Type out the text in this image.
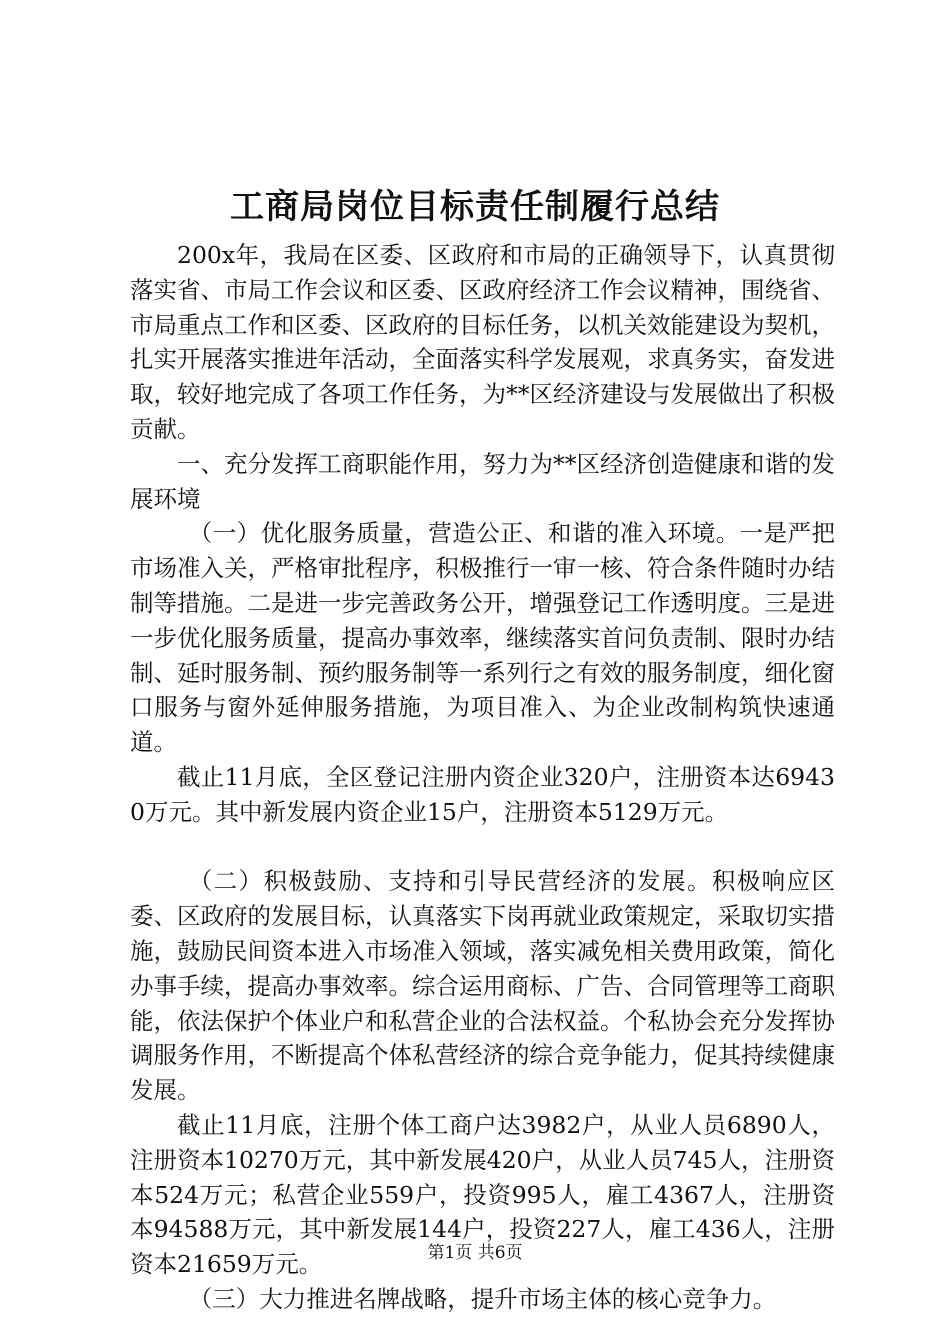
工商局岗位目标责任制履行总结

200x年，我局在区委、区政府和市局的正确领导下，认真贯彻落实省、市局工作会议和区委、区政府经济工作会议精神，围绕省、市局重点工作和区委、区政府的目标任务，以机关效能建设为契机，扎实开展落实推进年活动，全面落实科学发展观，求真务实，奋发进取，较好地完成了各项工作任务，为**区经济建设与发展做出了积极贡献。

一、充分发挥工商职能作用，努力为**区经济创造健康和谐的发展环境

（一）优化服务质量，营造公正、和谐的准入环境。一是严把市场准入关，严格审批程序，积极推行一审一核、符合条件随时办结制等措施。二是进一步完善政务公开，增强登记工作透明度。三是进一步优化服务质量，提高办事效率，继续落实首问负责制、限时办结制、延时服务制、预约服务制等一系列行之有效的服务制度，细化窗口服务与窗外延伸服务措施，为项目准入、为企业改制构筑快速通道。

截止11月底，全区登记注册内资企业320户，注册资本达69430万元。其中新发展内资企业15户，注册资本5129万元。

（二）积极鼓励、支持和引导民营经济的发展。积极响应区委、区政府的发展目标，认真落实下岗再就业政策规定，采取切实措施，鼓励民间资本进入市场准入领域，落实减免相关费用政策，简化办事手续，提高办事效率。综合运用商标、广告、合同管理等工商职能，依法保护个体业户和私营企业的合法权益。个私协会充分发挥协调服务作用，不断提高个体私营经济的综合竞争能力，促其持续健康发展。

截止11月底，注册个体工商户达3982户，从业人员6890人，注册资本10270万元，其中新发展420户，从业人员745人，注册资本524万元；私营企业559户，投资995人，雇工4367人，注册资本94588万元，其中新发展144户，投资227人，雇工436人，注册资本21659万元。

（三）大力推进名牌战略，提升市场主体的核心竞争力。

第1页 共6页
